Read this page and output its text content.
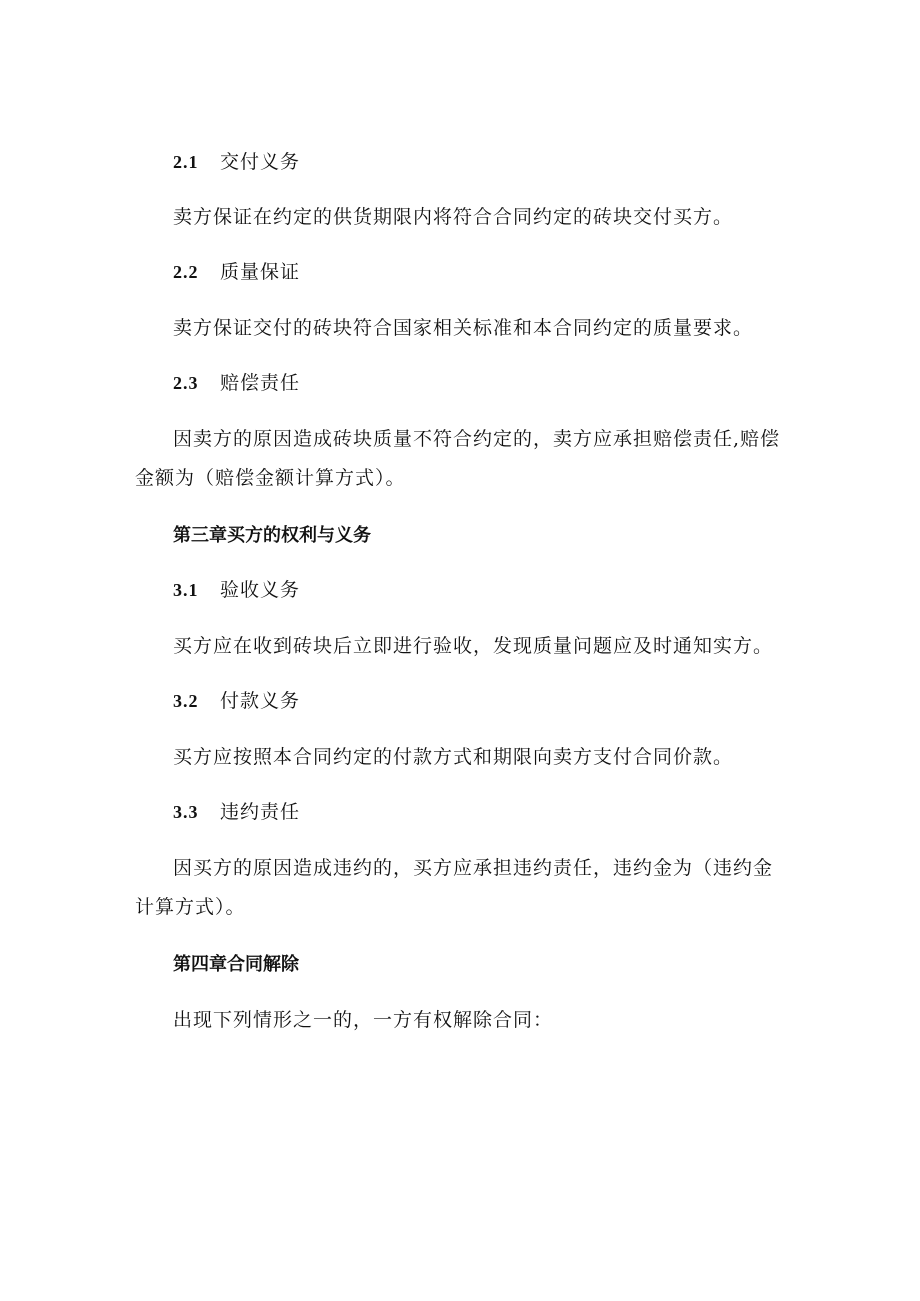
2.1 交付义务
卖方保证在约定的供货期限内将符合合同约定的砖块交付买方。
2.2 质量保证
卖方保证交付的砖块符合国家相关标准和本合同约定的质量要求。
2.3 赔偿责任
因卖方的原因造成砖块质量不符合约定的，卖方应承担赔偿责任,赔偿
金额为（赔偿金额计算方式）。
第三章买方的权利与义务
3.1 验收义务
买方应在收到砖块后立即进行验收，发现质量问题应及时通知实方。
3.2 付款义务
买方应按照本合同约定的付款方式和期限向卖方支付合同价款。
3.3 违约责任
因买方的原因造成违约的，买方应承担违约责任，违约金为（违约金
计算方式）。
第四章合同解除
出现下列情形之一的，一方有权解除合同：
